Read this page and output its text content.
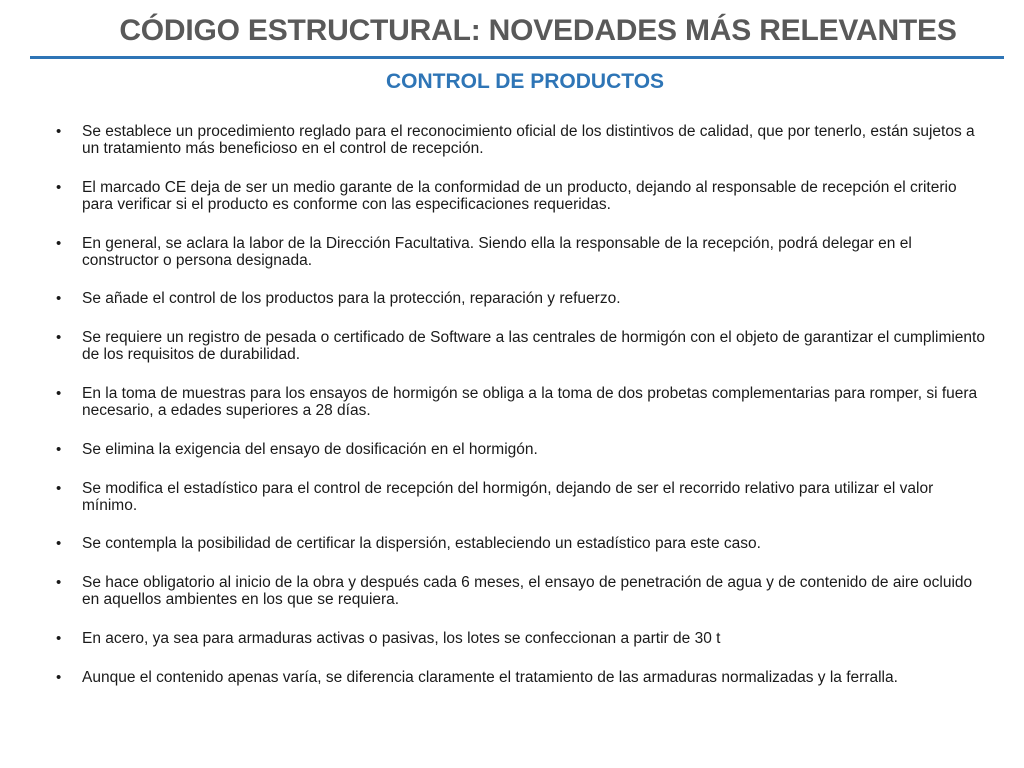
CÓDIGO ESTRUCTURAL: NOVEDADES MÁS RELEVANTES
CONTROL DE PRODUCTOS
• Se establece un procedimiento reglado para el reconocimiento oficial de los distintivos de calidad, que por tenerlo, están sujetos a un tratamiento más beneficioso en el control de recepción.
• El marcado CE deja de ser un medio garante de la conformidad de un producto, dejando al responsable de recepción el criterio para verificar si el producto es conforme con las especificaciones requeridas.
• En general, se aclara la labor de la Dirección Facultativa. Siendo ella la responsable de la recepción, podrá delegar en el constructor o persona designada.
• Se añade el control de los productos para la protección, reparación y refuerzo.
• Se requiere un registro de pesada o certificado de Software a las centrales de hormigón con el objeto de garantizar el cumplimiento de los requisitos de durabilidad.
• En la toma de muestras para los ensayos de hormigón se obliga a la toma de dos probetas complementarias para romper, si fuera necesario, a edades superiores a 28 días.
• Se elimina la exigencia del ensayo de dosificación en el hormigón.
• Se modifica el estadístico para el control de recepción del hormigón, dejando de ser el recorrido relativo para utilizar el valor mínimo.
• Se contempla la posibilidad de certificar la dispersión, estableciendo un estadístico para este caso.
• Se hace obligatorio al inicio de la obra y después cada 6 meses, el ensayo de penetración de agua y de contenido de aire ocluido en aquellos ambientes en los que se requiera.
• En acero, ya sea para armaduras activas o pasivas, los lotes se confeccionan a partir de 30 t
• Aunque el contenido apenas varía, se diferencia claramente el tratamiento de las armaduras normalizadas y la ferralla.
